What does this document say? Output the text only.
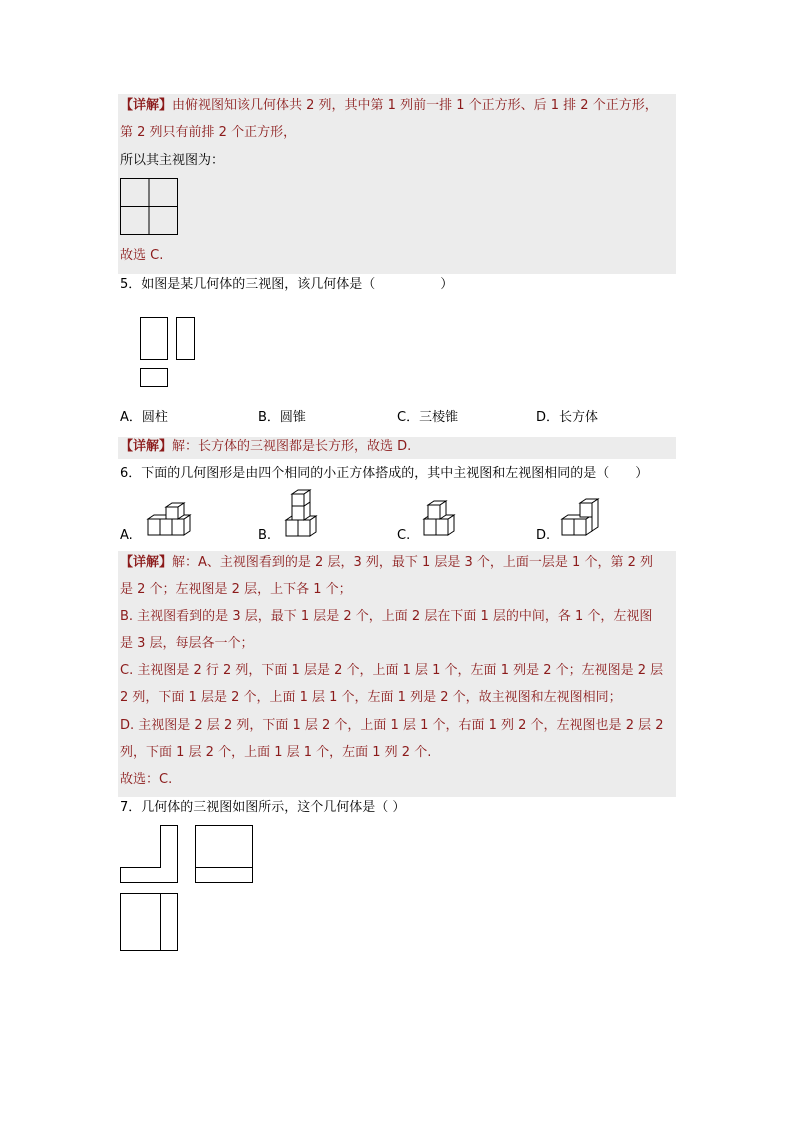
【详解】由俯视图知该几何体共 2 列，其中第 1 列前一排 1 个正方形、后 1 排 2 个正方形，
第 2 列只有前排 2 个正方形，
所以其主视图为：
故选 C.
5．如图是某几何体的三视图，该几何体是（　　　　　）
A．圆柱	B．圆锥	C．三棱锥	D．长方体
【详解】解：长方体的三视图都是长方形，故选 D.
6．下面的几何图形是由四个相同的小正方体搭成的，其中主视图和左视图相同的是（　　）
A.	B.	C.	D.
【详解】解：A、主视图看到的是 2 层，3 列，最下 1 层是 3 个，上面一层是 1 个，第 2 列
是 2 个；左视图是 2 层，上下各 1 个；
B. 主视图看到的是 3 层，最下 1 层是 2 个，上面 2 层在下面 1 层的中间，各 1 个，左视图
是 3 层，每层各一个；
C. 主视图是 2 行 2 列，下面 1 层是 2 个，上面 1 层 1 个，左面 1 列是 2 个；左视图是 2 层
2 列，下面 1 层是 2 个，上面 1 层 1 个，左面 1 列是 2 个，故主视图和左视图相同；
D. 主视图是 2 层 2 列，下面 1 层 2 个，上面 1 层 1 个，右面 1 列 2 个，左视图也是 2 层 2
列，下面 1 层 2 个，上面 1 层 1 个，左面 1 列 2 个.
故选：C.
7．几何体的三视图如图所示，这个几何体是（ ）
